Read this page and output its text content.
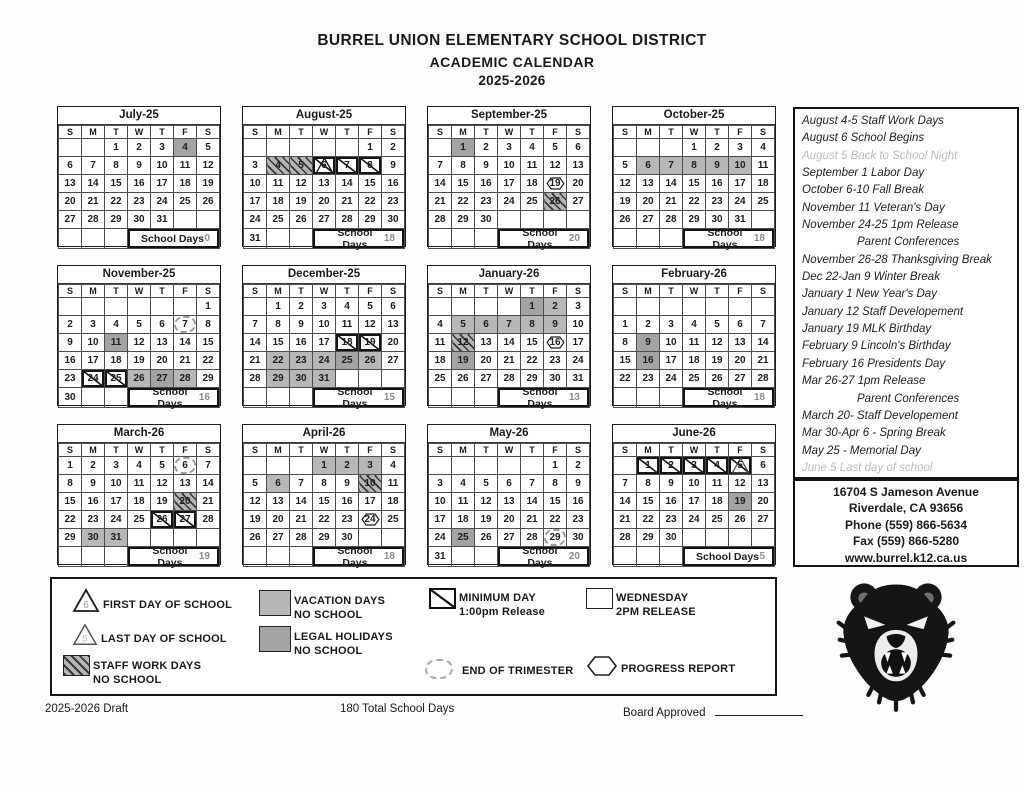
BURREL UNION ELEMENTARY SCHOOL DISTRICT
ACADEMIC CALENDAR
2025-2026
July-25
S	M	T	W	T	F	S
		1	2	3	4	5
6	7	8	9	10	11	12
13	14	15	16	17	18	19
20	21	22	23	24	25	26
27	28	29	30	31		

			School Days 0			
August-25
S	M	T	W	T	F	S
					1	2
3	4	5	6	7	8	9
10	11	12	13	14	15	16
17	18	19	20	21	22	23
24	25	26	27	28	29	30
31			School Days 18			
September-25
S	M	T	W	T	F	S
	1	2	3	4	5	6
7	8	9	10	11	12	13
14	15	16	17	18	19	20
21	22	23	24	25	26	27
28	29	30				

			School Days 20			
October-25
S	M	T	W	T	F	S
			1	2	3	4
5	6	7	8	9	10	11
12	13	14	15	16	17	18
19	20	21	22	23	24	25
26	27	28	29	30	31	

			School Days 18			
November-25
S	M	T	W	T	F	S
						1
2	3	4	5	6	7	8
9	10	11	12	13	14	15
16	17	18	19	20	21	22
23	24	25	26	27	28	29
30			School Days 16			
December-25
S	M	T	W	T	F	S
	1	2	3	4	5	6
7	8	9	10	11	12	13
14	15	16	17	18	19	20
21	22	23	24	25	26	27
28	29	30	31			

			School Days 15			
January-26
S	M	T	W	T	F	S
				1	2	3
4	5	6	7	8	9	10
11	12	13	14	15	16	17
18	19	20	21	22	23	24
25	26	27	28	29	30	31

			School Days 13			
February-26
S	M	T	W	T	F	S

1	2	3	4	5	6	7
8	9	10	11	12	13	14
15	16	17	18	19	20	21
22	23	24	25	26	27	28

			School Days 18			
March-26
S	M	T	W	T	F	S
1	2	3	4	5	6	7
8	9	10	11	12	13	14
15	16	17	18	19	20	21
22	23	24	25	26	27	28
29	30	31				

			School Days 19			
April-26
S	M	T	W	T	F	S
			1	2	3	4
5	6	7	8	9	10	11
12	13	14	15	16	17	18
19	20	21	22	23	24	25
26	27	28	29	30		

			School Days 18			
May-26
S	M	T	W	T	F	S
					1	2
3	4	5	6	7	8	9
10	11	12	13	14	15	16
17	18	19	20	21	22	23
24	25	26	27	28	29	30
31			School Days 20			
June-26
S	M	T	W	T	F	S
	1	2	3	4	5	6
7	8	9	10	11	12	13
14	15	16	17	18	19	20
21	22	23	24	25	26	27
28	29	30				

			School Days 5			
August 4-5 Staff Work Days
August 6 School Begins
August 5 Back to School Night
September 1 Labor Day
October 6-10 Fall Break
November 11 Veteran's Day
November 24-25 1pm Release
Parent Conferences
November 26-28 Thanksgiving Break
Dec 22-Jan 9 Winter Break
January 1 New Year's Day
January 12 Staff Developement
January 19 MLK Birthday
February 9 Lincoln's Birthday
February 16 Presidents Day
Mar 26-27 1pm Release
Parent Conferences
March 20- Staff Developement
Mar 30-Apr 6 - Spring Break
May 25 - Memorial Day
June 5 Last day of school
16704 S Jameson Avenue
Riverdale, CA 93656
Phone (559) 866-5634
Fax (559) 866-5280
www.burrel.k12.ca.us
6 FIRST DAY OF SCHOOL
5 LAST DAY OF SCHOOL
STAFF WORK DAYS
NO SCHOOL
VACATION DAYS
NO SCHOOL
LEGAL HOLIDAYS
NO SCHOOL
MINIMUM DAY
1:00pm Release
WEDNESDAY
2PM RELEASE
END OF TRIMESTER	PROGRESS REPORT
2025-2026 Draft	180 Total School Days	Board Approved
